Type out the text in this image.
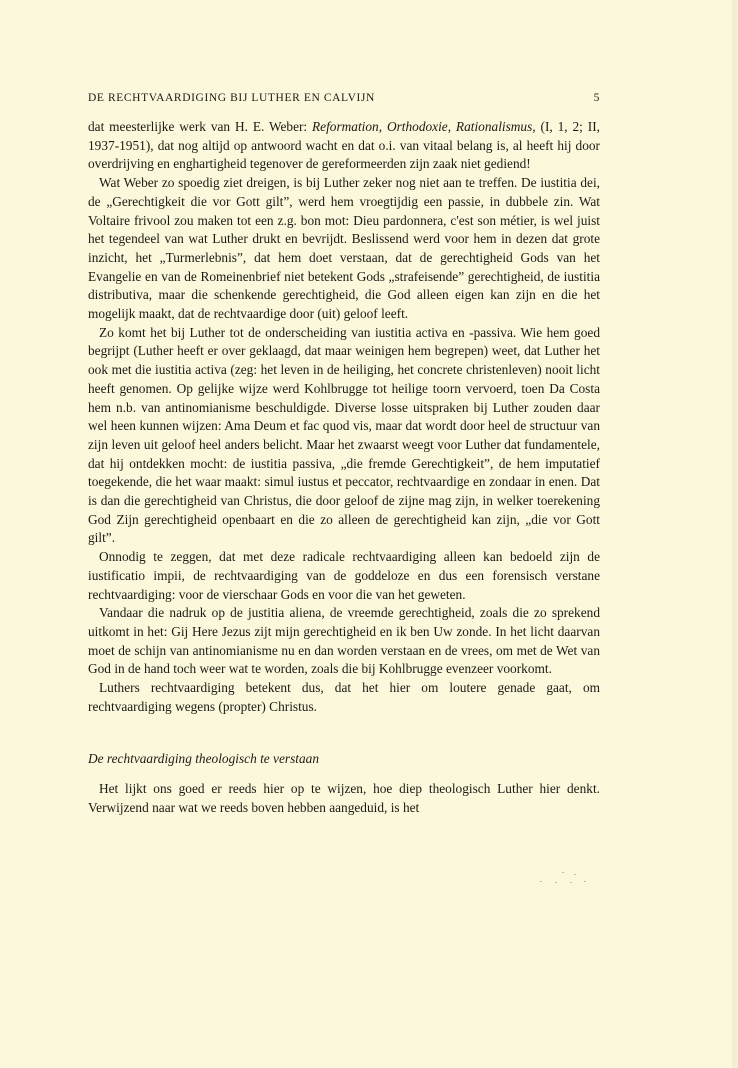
DE RECHTVAARDIGING BIJ LUTHER EN CALVIJN	5

dat meesterlijke werk van H. E. Weber: Reformation, Orthodoxie, Rationalismus, (I, 1, 2; II, 1937-1951), dat nog altijd op antwoord wacht en dat o.i. van vitaal belang is, al heeft hij door overdrijving en enghartigheid tegenover de gereformeerden zijn zaak niet gediend!

Wat Weber zo spoedig ziet dreigen, is bij Luther zeker nog niet aan te treffen. De iustitia dei, de „Gerechtigkeit die vor Gott gilt”, werd hem vroegtijdig een passie, in dubbele zin. Wat Voltaire frivool zou maken tot een z.g. bon mot: Dieu pardonnera, c'est son métier, is wel juist het tegendeel van wat Luther drukt en bevrijdt. Beslissend werd voor hem in dezen dat grote inzicht, het „Turmerlebnis”, dat hem doet verstaan, dat de gerechtigheid Gods van het Evangelie en van de Romeinenbrief niet betekent Gods „strafeisende” gerechtigheid, de iustitia distributiva, maar die schenkende gerechtigheid, die God alleen eigen kan zijn en die het mogelijk maakt, dat de rechtvaardige door (uit) geloof leeft.

Zo komt het bij Luther tot de onderscheiding van iustitia activa en -passiva. Wie hem goed begrijpt (Luther heeft er over geklaagd, dat maar weinigen hem begrepen) weet, dat Luther het ook met die iustitia activa (zeg: het leven in de heiliging, het concrete christenleven) nooit licht heeft genomen. Op gelijke wijze werd Kohlbrugge tot heilige toorn vervoerd, toen Da Costa hem n.b. van antinomianisme beschuldigde. Diverse losse uitspraken bij Luther zouden daar wel heen kunnen wijzen: Ama Deum et fac quod vis, maar dat wordt door heel de structuur van zijn leven uit geloof heel anders belicht. Maar het zwaarst weegt voor Luther dat fundamentele, dat hij ontdekken mocht: de iustitia passiva, „die fremde Gerechtigkeit”, de hem imputatief toegekende, die het waar maakt: simul iustus et peccator, rechtvaardige en zondaar in enen. Dat is dan die gerechtigheid van Christus, die door geloof de zijne mag zijn, in welker toerekening God Zijn gerechtigheid openbaart en die zo alleen de gerechtigheid kan zijn, „die vor Gott gilt”.

Onnodig te zeggen, dat met deze radicale rechtvaardiging alleen kan bedoeld zijn de iustificatio impii, de rechtvaardiging van de goddeloze en dus een forensisch verstane rechtvaardiging: voor de vierschaar Gods en voor die van het geweten.

Vandaar die nadruk op de justitia aliena, de vreemde gerechtigheid, zoals die zo sprekend uitkomt in het: Gij Here Jezus zijt mijn gerechtigheid en ik ben Uw zonde. In het licht daarvan moet de schijn van antinomianisme nu en dan worden verstaan en de vrees, om met de Wet van God in de hand toch weer wat te worden, zoals die bij Kohlbrugge evenzeer voorkomt.

Luthers rechtvaardiging betekent dus, dat het hier om loutere genade gaat, om rechtvaardiging wegens (propter) Christus.

De rechtvaardiging theologisch te verstaan

Het lijkt ons goed er reeds hier op te wijzen, hoe diep theologisch Luther hier denkt. Verwijzend naar wat we reeds boven hebben aangeduid, is het
